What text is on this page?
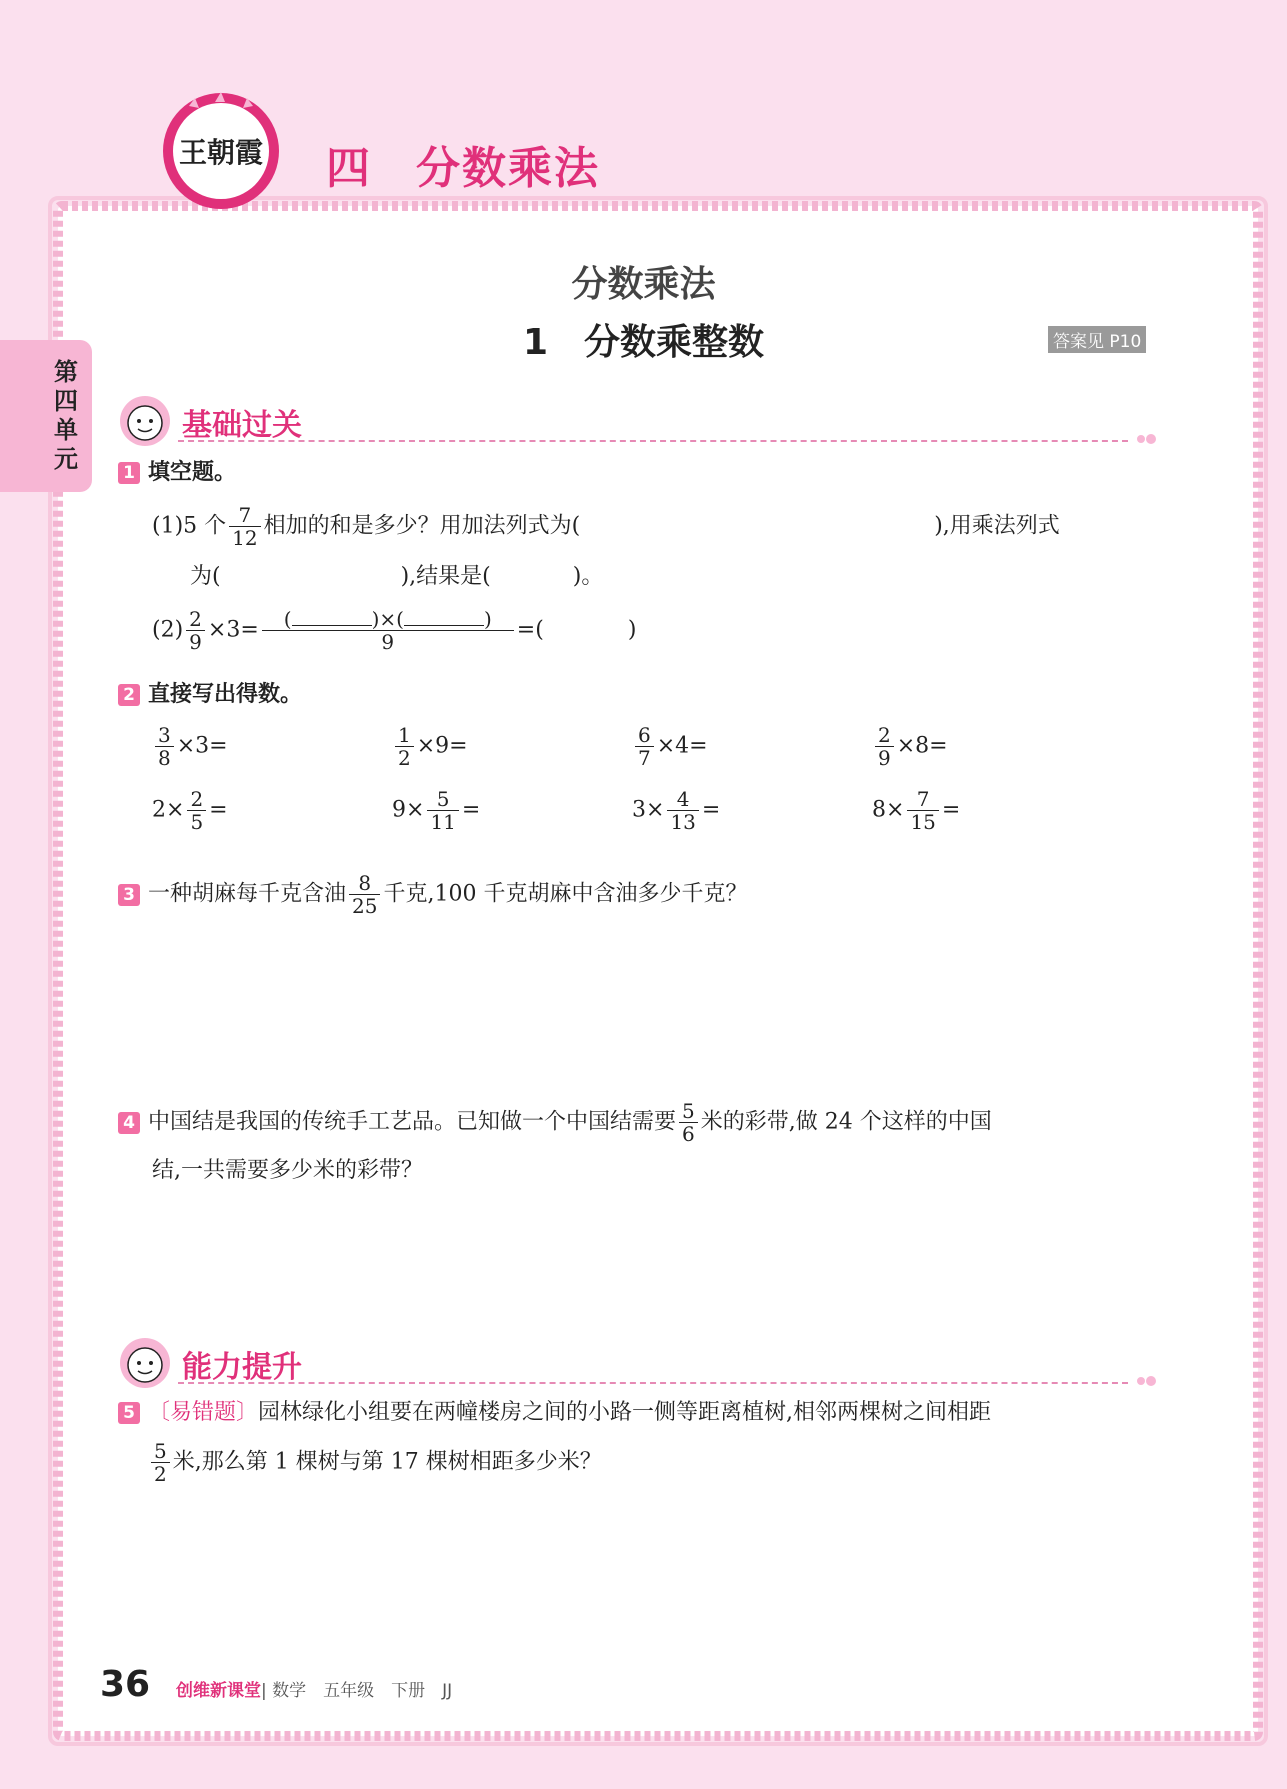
王朝霞 四 分数乘法
第四单元
分数乘法
1　分数乘整数	答案见 P10
基础过关
1 填空题。
(1)5 个 $\frac{7}{12}$ 相加的和是多少？用加法列式为(	),用乘法列式
为(	),结果是(	)。
$(2) \frac{2}{9} \times 3=$ (	)×(	)
9 =(	)
2 直接写出得数。
$\frac{3}{8} \times 3=$	$\frac{1}{2} \times 9=$	$\frac{6}{7} \times 4=$	$\frac{2}{9} \times 8=$
$2\times \frac{2}{5}$ =	$9\times \frac{5}{11}$ =	$3\times \frac{4}{13}$ =	$8\times \frac{7}{15}$ =
3 一种胡麻每千克含油 $\frac{8}{25}$ 千克,100 千克胡麻中含油多少千克？
4 中国结是我国的传统手工艺品。已知做一个中国结需要 $\frac{5}{6}$ 米的彩带,做 24 个这样的中国
结,一共需要多少米的彩带？
能力提升
5 〔易错题〕园林绿化小组要在两幢楼房之间的小路一侧等距离植树,相邻两棵树之间相距
$\frac{5}{2}$ 米,那么第 1 棵树与第 17 棵树相距多少米？
36 创维新课堂| 数学　五年级　下册　JJ
